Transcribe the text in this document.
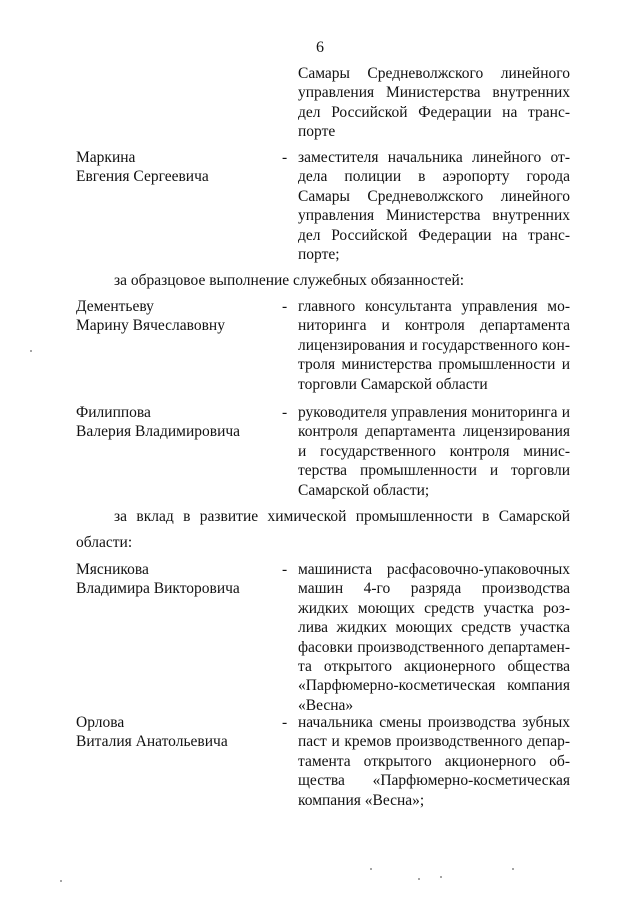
6
Самары Средневолжского линейного
управления Министерства внутренних
дел Российской Федерации на транс-
порте
Маркина
Евгения Сергеевича
- заместителя начальника линейного от-
дела полиции в аэропорту города
Самары Средневолжского линейного
управления Министерства внутренних
дел Российской Федерации на транс-
порте;
за образцовое выполнение служебных обязанностей:
Дементьеву
Марину Вячеславовну
- главного консультанта управления мо-
ниторинга и контроля департамента
лицензирования и государственного кон-
троля министерства промышленности и
торговли Самарской области
Филиппова
Валерия Владимировича
- руководителя управления мониторинга и
контроля департамента лицензирования
и государственного контроля минис-
терства промышленности и торговли
Самарской области;
за вклад в развитие химической промышленности в Самарской
области:
Мясникова
Владимира Викторовича
- машиниста расфасовочно-упаковочных
машин 4-го разряда производства
жидких моющих средств участка роз-
лива жидких моющих средств участка
фасовки производственного департамен-
та открытого акционерного общества
«Парфюмерно-косметическая компания
«Весна»
Орлова
Виталия Анатольевича
- начальника смены производства зубных
паст и кремов производственного депар-
тамента открытого акционерного об-
щества «Парфюмерно-косметическая
компания «Весна»;
